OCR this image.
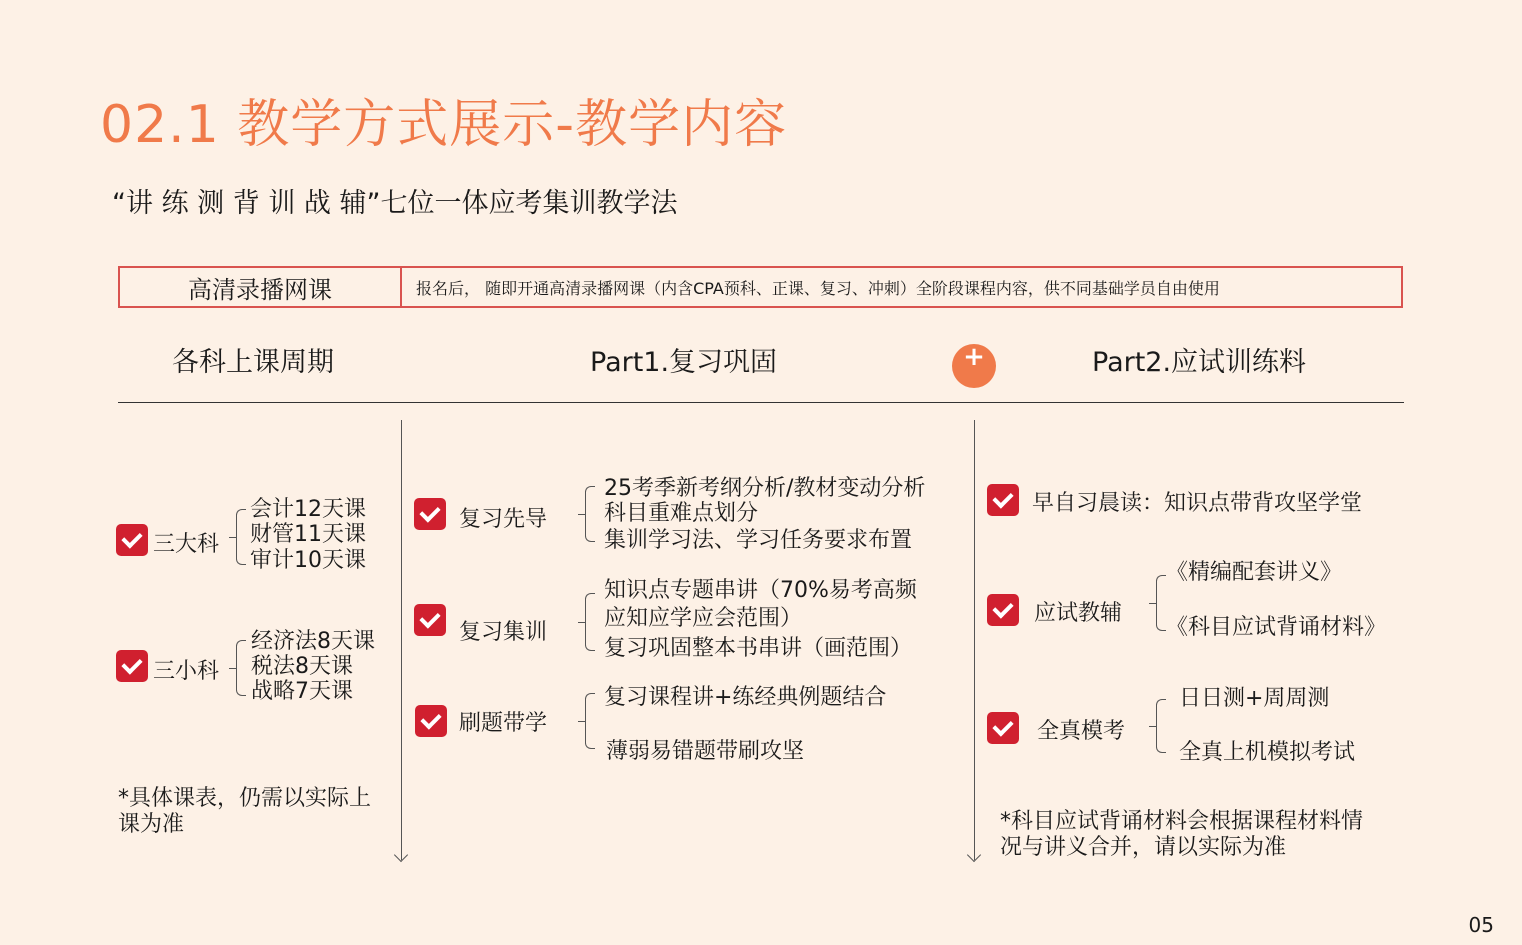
02.1 教学方式展示-教学内容
“讲 练 测 背 训 战 辅”七位一体应考集训教学法
高清录播网课	报名后， 随即开通高清录播网课（内含CPA预科、正课、复习、冲刺）全阶段课程内容，供不同基础学员自由使用
各科上课周期	Part1.复习巩固	+	Part2.应试训练料
三大科
会计12天课
财管11天课
审计10天课
三小科
经济法8天课
税法8天课
战略7天课
*具体课表，仍需以实际上课为准
复习先导
25考季新考纲分析/教材变动分析
科目重难点划分
集训学习法、学习任务要求布置
复习集训
知识点专题串讲（70%易考高频
应知应学应会范围）
复习巩固整本书串讲（画范围）
刷题带学
复习课程讲+练经典例题结合
薄弱易错题带刷攻坚
早自习晨读：知识点带背攻坚学堂
应试教辅
《精编配套讲义》
《科目应试背诵材料》
全真模考
日日测+周周测
全真上机模拟考试
*科目应试背诵材料会根据课程材料情况与讲义合并，请以实际为准
05
